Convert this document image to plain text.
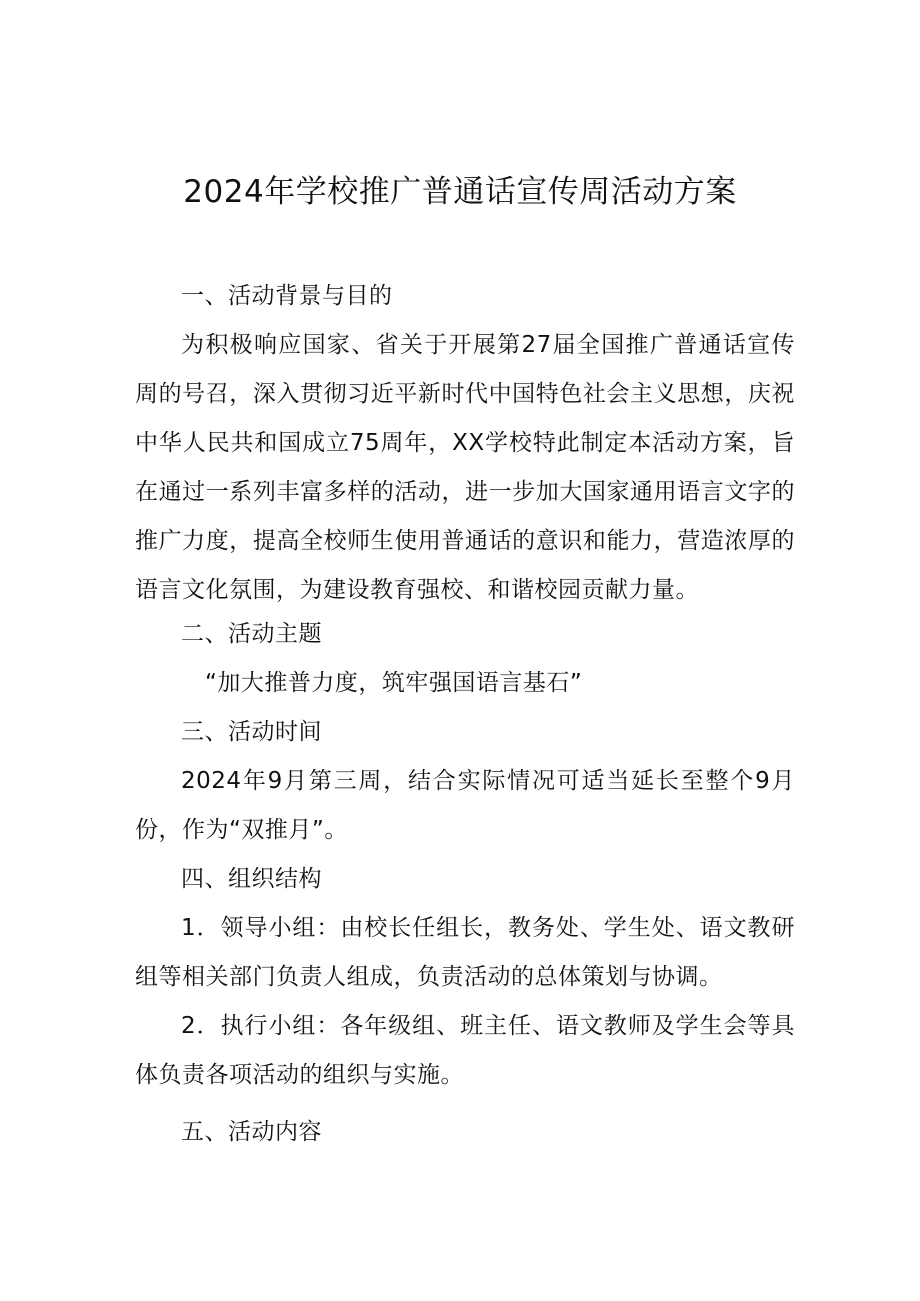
2024年学校推广普通话宣传周活动方案
一、活动背景与目的
为积极响应国家、省关于开展第27届全国推广普通话宣传周的号召，深入贯彻习近平新时代中国特色社会主义思想，庆祝中华人民共和国成立75周年，XX学校特此制定本活动方案，旨在通过一系列丰富多样的活动，进一步加大国家通用语言文字的推广力度，提高全校师生使用普通话的意识和能力，营造浓厚的语言文化氛围，为建设教育强校、和谐校园贡献力量。
二、活动主题
“加大推普力度，筑牢强国语言基石”
三、活动时间
2024年9月第三周，结合实际情况可适当延长至整个9月份，作为“双推月”。
四、组织结构
1．领导小组：由校长任组长，教务处、学生处、语文教研组等相关部门负责人组成，负责活动的总体策划与协调。
2．执行小组：各年级组、班主任、语文教师及学生会等具体负责各项活动的组织与实施。
五、活动内容
